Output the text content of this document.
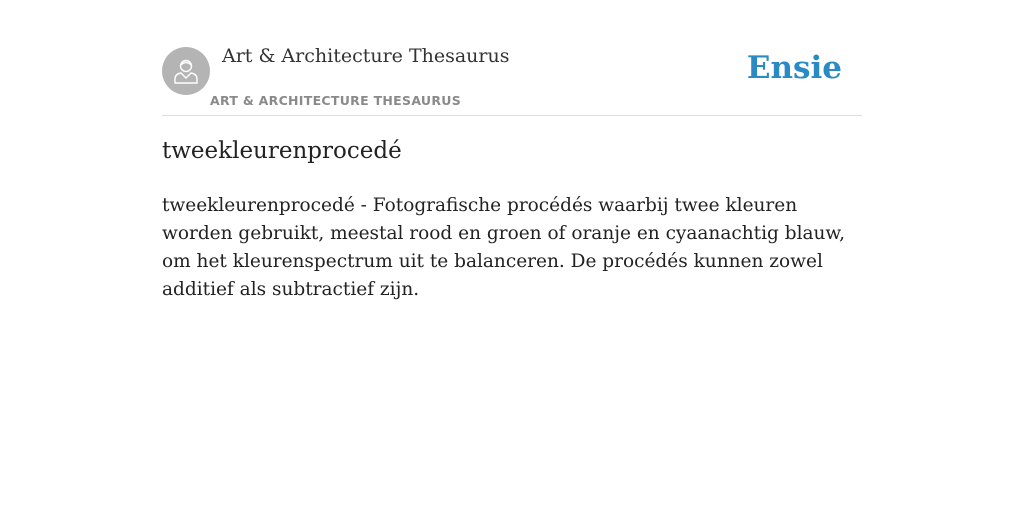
Art & Architecture Thesaurus
ART & ARCHITECTURE THESAURUS
Ensie
tweekleurenprocedé
tweekleurenprocedé - Fotografische procédés waarbij twee kleuren worden gebruikt, meestal rood en groen of oranje en cyaanachtig blauw, om het kleurenspectrum uit te balanceren. De procédés kunnen zowel additief als subtractief zijn.
